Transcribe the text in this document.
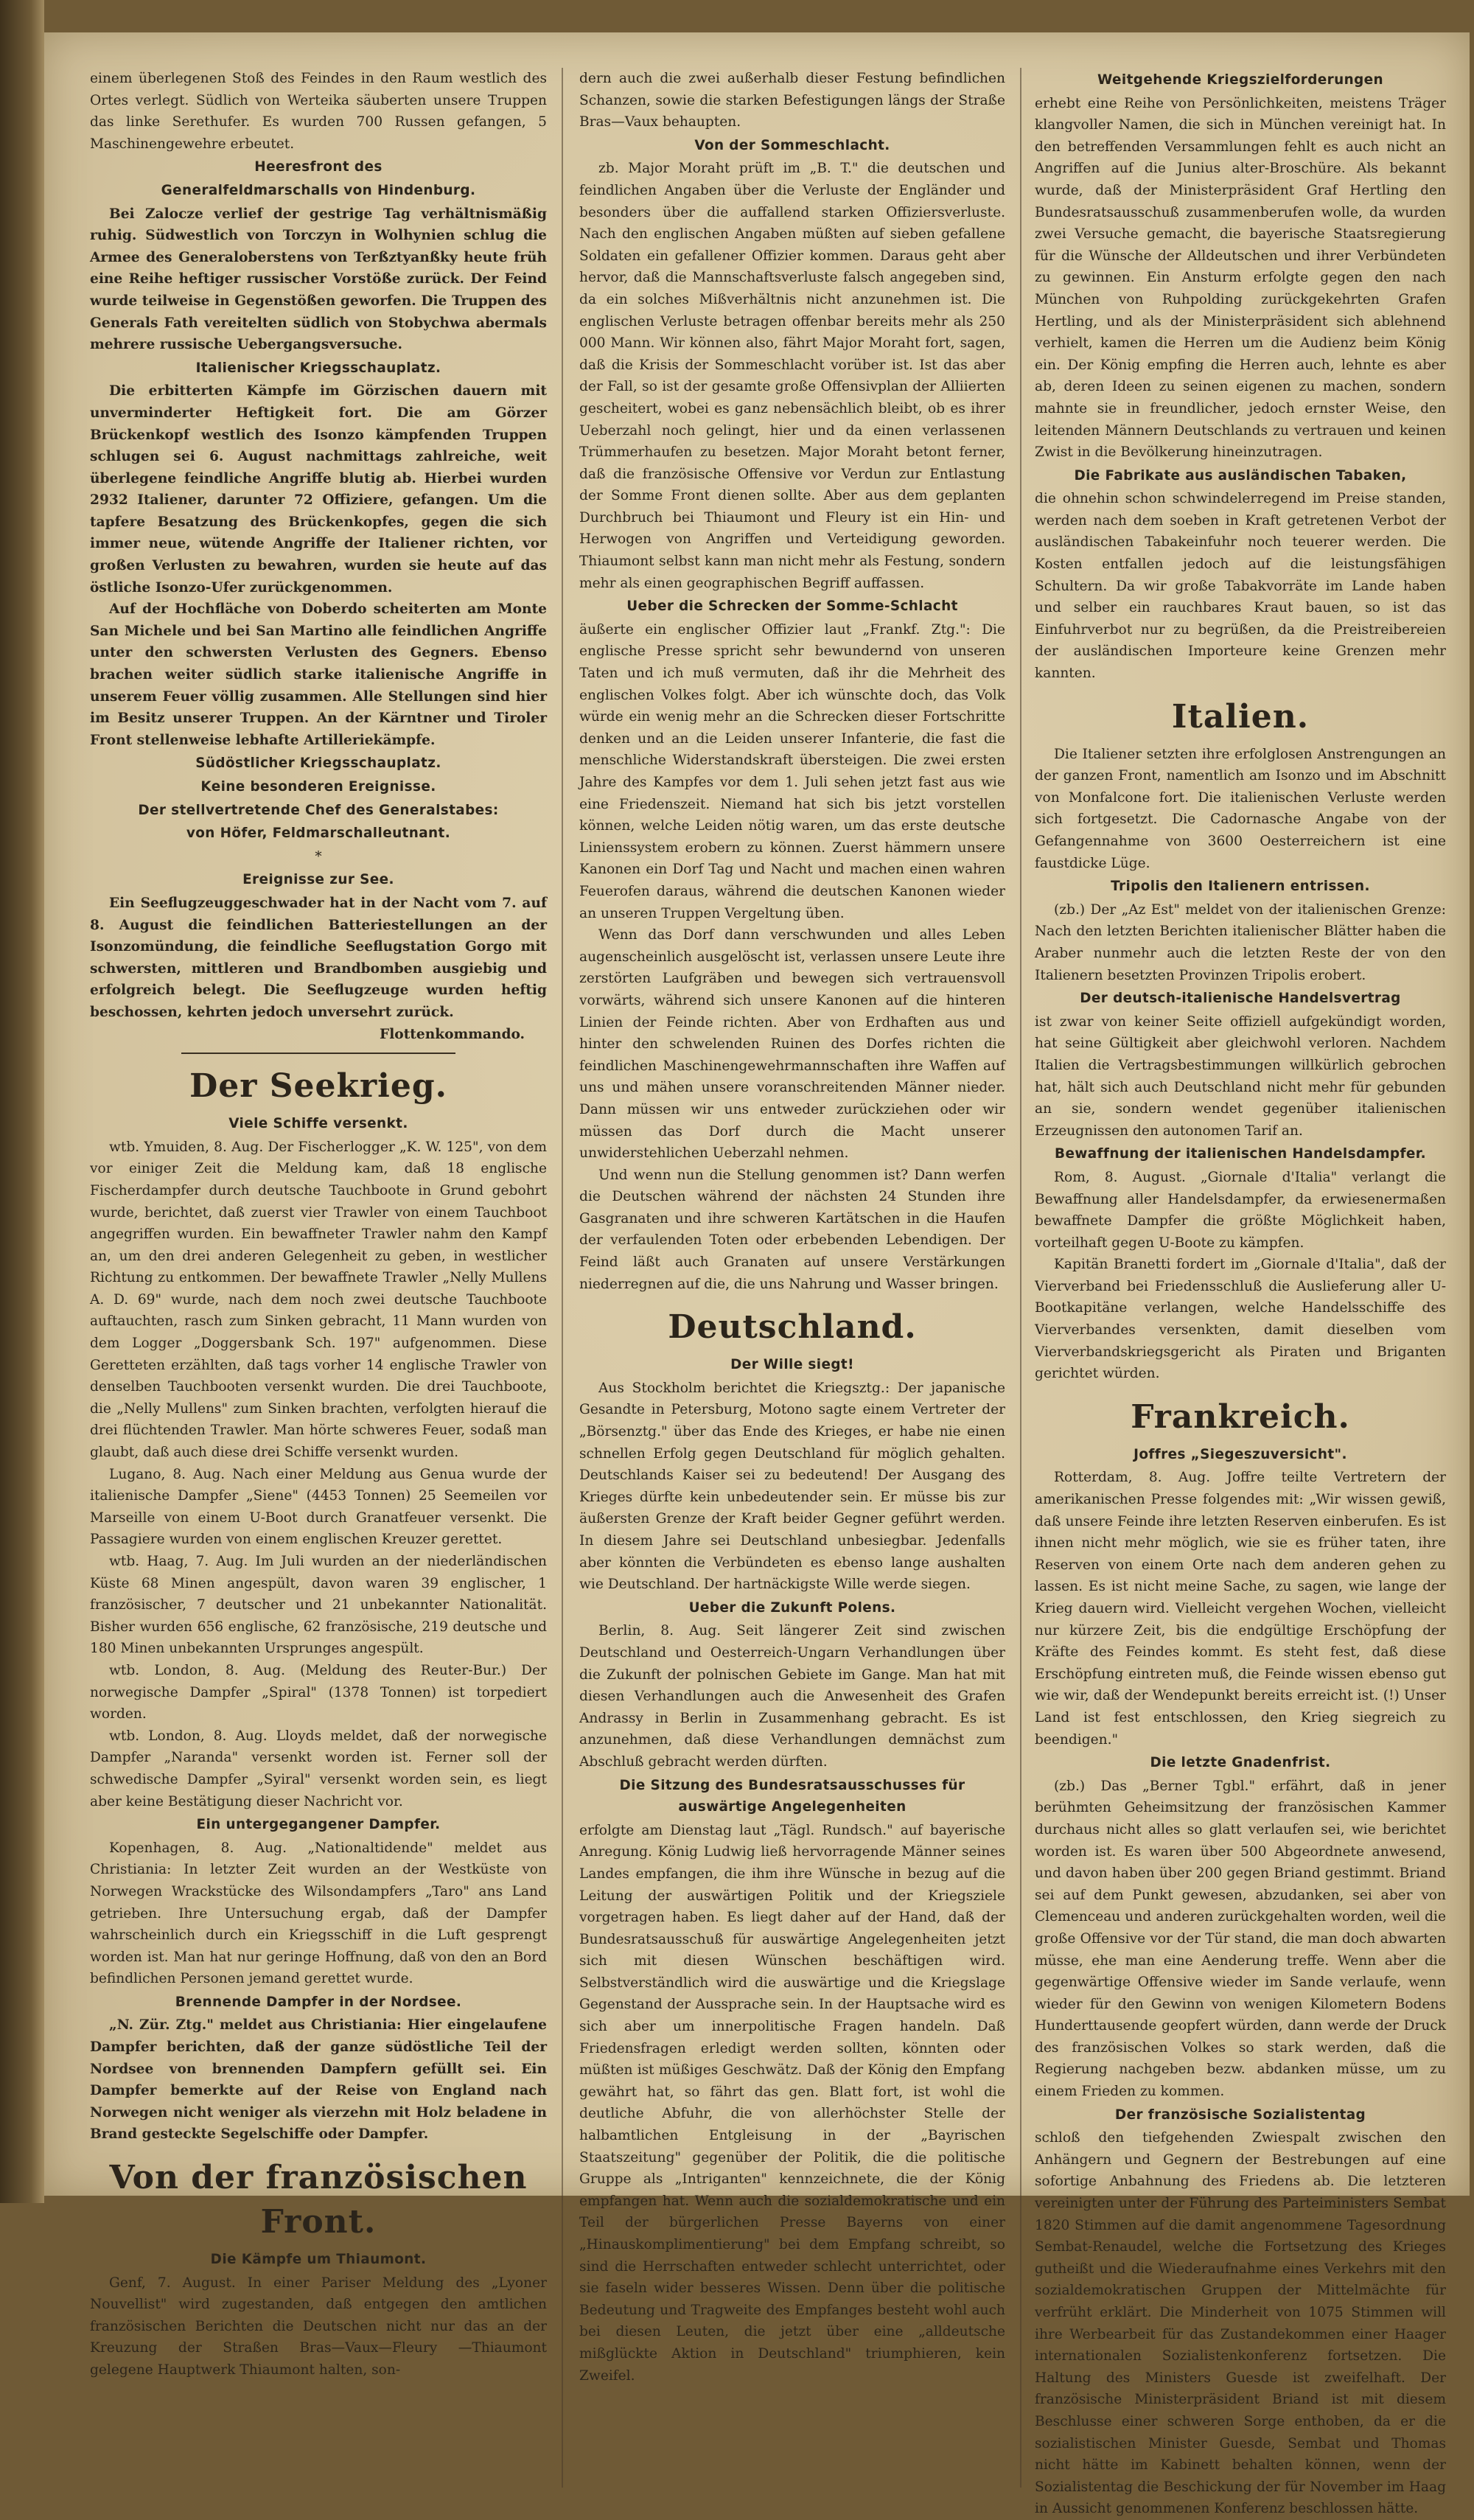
einem überlegenen Stoß des Feindes in den Raum westlich des Ortes verlegt. Südlich von Werteika säuberten unsere Truppen das linke Serethufer. Es wurden 700 Russen gefangen, 5 Maschinengewehre erbeutet.

Heeresfront des
Generalfeldmarschalls von Hindenburg.

Bei Zalocze verlief der gestrige Tag verhältnismäßig ruhig. Südwestlich von Torczyn in Wolhynien schlug die Armee des Generaloberstens von Terßztyanßky heute früh eine Reihe heftiger russischer Vorstöße zurück. Der Feind wurde teilweise in Gegenstößen geworfen. Die Truppen des Generals Fath vereitelten südlich von Stobychwa abermals mehrere russische Uebergangsversuche.

Italienischer Kriegsschauplatz.

Die erbitterten Kämpfe im Görzischen dauern mit unverminderter Heftigkeit fort. Die am Görzer Brückenkopf westlich des Isonzo kämpfenden Truppen schlugen sei 6. August nachmittags zahlreiche, weit überlegene feindliche Angriffe blutig ab. Hierbei wurden 2932 Italiener, darunter 72 Offiziere, gefangen. Um die tapfere Besatzung des Brückenkopfes, gegen die sich immer neue, wütende Angriffe der Italiener richten, vor großen Verlusten zu bewahren, wurden sie heute auf das östliche Isonzo-Ufer zurückgenommen.

Auf der Hochfläche von Doberdo scheiterten am Monte San Michele und bei San Martino alle feindlichen Angriffe unter den schwersten Verlusten des Gegners. Ebenso brachen weiter südlich starke italienische Angriffe in unserem Feuer völlig zusammen. Alle Stellungen sind hier im Besitz unserer Truppen. An der Kärntner und Tiroler Front stellenweise lebhafte Artilleriekämpfe.

Südöstlicher Kriegsschauplatz.
Keine besonderen Ereignisse.
Der stellvertretende Chef des Generalstabes:
von Höfer, Feldmarschalleutnant.
*
Ereignisse zur See.

Ein Seeflugzeuggeschwader hat in der Nacht vom 7. auf 8. August die feindlichen Batteriestellungen an der Isonzomündung, die feindliche Seeflugstation Gorgo mit schwersten, mittleren und Brandbomben ausgiebig und erfolgreich belegt. Die Seeflugzeuge wurden heftig beschossen, kehrten jedoch unversehrt zurück.

Flottenkommando.
Der Seekrieg.
Viele Schiffe versenkt.

wtb. Ymuiden, 8. Aug. Der Fischerlogger „K. W. 125", von dem vor einiger Zeit die Meldung kam, daß 18 englische Fischerdampfer durch deutsche Tauchboote in Grund gebohrt wurde, berichtet, daß zuerst vier Trawler von einem Tauchboot angegriffen wurden. Ein bewaffneter Trawler nahm den Kampf an, um den drei anderen Gelegenheit zu geben, in westlicher Richtung zu entkommen. Der bewaffnete Trawler „Nelly Mullens A. D. 69" wurde, nach dem noch zwei deutsche Tauchboote auftauchten, rasch zum Sinken gebracht, 11 Mann wurden von dem Logger „Doggersbank Sch. 197" aufgenommen. Diese Geretteten erzählten, daß tags vorher 14 englische Trawler von denselben Tauchbooten versenkt wurden. Die drei Tauchboote, die „Nelly Mullens" zum Sinken brachten, verfolgten hierauf die drei flüchtenden Trawler. Man hörte schweres Feuer, sodaß man glaubt, daß auch diese drei Schiffe versenkt wurden.

Lugano, 8. Aug. Nach einer Meldung aus Genua wurde der italienische Dampfer „Siene" (4453 Tonnen) 25 Seemeilen vor Marseille von einem U-Boot durch Granatfeuer versenkt. Die Passagiere wurden von einem englischen Kreuzer gerettet.

wtb. Haag, 7. Aug. Im Juli wurden an der niederländischen Küste 68 Minen angespült, davon waren 39 englischer, 1 französischer, 7 deutscher und 21 unbekannter Nationalität. Bisher wurden 656 englische, 62 französische, 219 deutsche und 180 Minen unbekannten Ursprunges angespült.

wtb. London, 8. Aug. (Meldung des Reuter-Bur.) Der norwegische Dampfer „Spiral" (1378 Tonnen) ist torpediert worden.

wtb. London, 8. Aug. Lloyds meldet, daß der norwegische Dampfer „Naranda" versenkt worden ist. Ferner soll der schwedische Dampfer „Syiral" versenkt worden sein, es liegt aber keine Bestätigung dieser Nachricht vor.

Ein untergegangener Dampfer.

Kopenhagen, 8. Aug. „Nationaltidende" meldet aus Christiania: In letzter Zeit wurden an der Westküste von Norwegen Wrackstücke des Wilsondampfers „Taro" ans Land getrieben. Ihre Untersuchung ergab, daß der Dampfer wahrscheinlich durch ein Kriegsschiff in die Luft gesprengt worden ist. Man hat nur geringe Hoffnung, daß von den an Bord befindlichen Personen jemand gerettet wurde.

Brennende Dampfer in der Nordsee.

„N. Zür. Ztg." meldet aus Christiania: Hier eingelaufene Dampfer berichten, daß der ganze südöstliche Teil der Nordsee von brennenden Dampfern gefüllt sei. Ein Dampfer bemerkte auf der Reise von England nach Norwegen nicht weniger als vierzehn mit Holz beladene in Brand gesteckte Segelschiffe oder Dampfer.

Von der französischen Front.
Die Kämpfe um Thiaumont.

Genf, 7. August. In einer Pariser Meldung des „Lyoner Nouvellist" wird zugestanden, daß entgegen den amtlichen französischen Berichten die Deutschen nicht nur das an der Kreuzung der Straßen Bras—Vaux—Fleury —Thiaumont gelegene Hauptwerk Thiaumont halten, son-

dern auch die zwei außerhalb dieser Festung befindlichen Schanzen, sowie die starken Befestigungen längs der Straße Bras—Vaux behaupten.

Von der Sommeschlacht.

zb. Major Moraht prüft im „B. T." die deutschen und feindlichen Angaben über die Verluste der Engländer und besonders über die auffallend starken Offiziersverluste. Nach den englischen Angaben müßten auf sieben gefallene Soldaten ein gefallener Offizier kommen. Daraus geht aber hervor, daß die Mannschaftsverluste falsch angegeben sind, da ein solches Mißverhältnis nicht anzunehmen ist. Die englischen Verluste betragen offenbar bereits mehr als 250 000 Mann. Wir können also, fährt Major Moraht fort, sagen, daß die Krisis der Sommeschlacht vorüber ist. Ist das aber der Fall, so ist der gesamte große Offensivplan der Alliierten gescheitert, wobei es ganz nebensächlich bleibt, ob es ihrer Ueberzahl noch gelingt, hier und da einen verlassenen Trümmerhaufen zu besetzen. Major Moraht betont ferner, daß die französische Offensive vor Verdun zur Entlastung der Somme Front dienen sollte. Aber aus dem geplanten Durchbruch bei Thiaumont und Fleury ist ein Hin- und Herwogen von Angriffen und Verteidigung geworden. Thiaumont selbst kann man nicht mehr als Festung, sondern mehr als einen geographischen Begriff auffassen.

Ueber die Schrecken der Somme-Schlacht

äußerte ein englischer Offizier laut „Frankf. Ztg.": Die englische Presse spricht sehr bewundernd von unseren Taten und ich muß vermuten, daß ihr die Mehrheit des englischen Volkes folgt. Aber ich wünschte doch, das Volk würde ein wenig mehr an die Schrecken dieser Fortschritte denken und an die Leiden unserer Infanterie, die fast die menschliche Widerstandskraft übersteigen. Die zwei ersten Jahre des Kampfes vor dem 1. Juli sehen jetzt fast aus wie eine Friedenszeit. Niemand hat sich bis jetzt vorstellen können, welche Leiden nötig waren, um das erste deutsche Linienssystem erobern zu können. Zuerst hämmern unsere Kanonen ein Dorf Tag und Nacht und machen einen wahren Feuerofen daraus, während die deutschen Kanonen wieder an unseren Truppen Vergeltung üben.

Wenn das Dorf dann verschwunden und alles Leben augenscheinlich ausgelöscht ist, verlassen unsere Leute ihre zerstörten Laufgräben und bewegen sich vertrauensvoll vorwärts, während sich unsere Kanonen auf die hinteren Linien der Feinde richten. Aber von Erdhaften aus und hinter den schwelenden Ruinen des Dorfes richten die feindlichen Maschinengewehrmannschaften ihre Waffen auf uns und mähen unsere voranschreitenden Männer nieder. Dann müssen wir uns entweder zurückziehen oder wir müssen das Dorf durch die Macht unserer unwiderstehlichen Ueberzahl nehmen.

Und wenn nun die Stellung genommen ist? Dann werfen die Deutschen während der nächsten 24 Stunden ihre Gasgranaten und ihre schweren Kartätschen in die Haufen der verfaulenden Toten oder erbebenden Lebendigen. Der Feind läßt auch Granaten auf unsere Verstärkungen niederregnen auf die, die uns Nahrung und Wasser bringen.

Deutschland.
Der Wille siegt!

Aus Stockholm berichtet die Kriegsztg.: Der japanische Gesandte in Petersburg, Motono sagte einem Vertreter der „Börsenztg." über das Ende des Krieges, er habe nie einen schnellen Erfolg gegen Deutschland für möglich gehalten. Deutschlands Kaiser sei zu bedeutend! Der Ausgang des Krieges dürfte kein unbedeutender sein. Er müsse bis zur äußersten Grenze der Kraft beider Gegner geführt werden. In diesem Jahre sei Deutschland unbesiegbar. Jedenfalls aber könnten die Verbündeten es ebenso lange aushalten wie Deutschland. Der hartnäckigste Wille werde siegen.

Ueber die Zukunft Polens.

Berlin, 8. Aug. Seit längerer Zeit sind zwischen Deutschland und Oesterreich-Ungarn Verhandlungen über die Zukunft der polnischen Gebiete im Gange. Man hat mit diesen Verhandlungen auch die Anwesenheit des Grafen Andrassy in Berlin in Zusammenhang gebracht. Es ist anzunehmen, daß diese Verhandlungen demnächst zum Abschluß gebracht werden dürften.

Die Sitzung des Bundesratsausschusses für auswärtige Angelegenheiten

erfolgte am Dienstag laut „Tägl. Rundsch." auf bayerische Anregung. König Ludwig ließ hervorragende Männer seines Landes empfangen, die ihm ihre Wünsche in bezug auf die Leitung der auswärtigen Politik und der Kriegsziele vorgetragen haben. Es liegt daher auf der Hand, daß der Bundesratsausschuß für auswärtige Angelegenheiten jetzt sich mit diesen Wünschen beschäftigen wird. Selbstverständlich wird die auswärtige und die Kriegslage Gegenstand der Aussprache sein. In der Hauptsache wird es sich aber um innerpolitische Fragen handeln. Daß Friedensfragen erledigt werden sollten, könnten oder müßten ist müßiges Geschwätz. Daß der König den Empfang gewährt hat, so fährt das gen. Blatt fort, ist wohl die deutliche Abfuhr, die von allerhöchster Stelle der halbamtlichen Entgleisung in der „Bayrischen Staatszeitung" gegenüber der Politik, die die politische Gruppe als „Intriganten" kennzeichnete, die der König empfangen hat. Wenn auch die sozialdemokratische und ein Teil der bürgerlichen Presse Bayerns von einer „Hinauskomplimentierung" bei dem Empfang schreibt, so sind die Herrschaften entweder schlecht unterrichtet, oder sie faseln wider besseres Wissen. Denn über die politische Bedeutung und Tragweite des Empfanges besteht wohl auch bei diesen Leuten, die jetzt über eine „alldeutsche mißglückte Aktion in Deutschland" triumphieren, kein Zweifel.

Weitgehende Kriegszielforderungen

erhebt eine Reihe von Persönlichkeiten, meistens Träger klangvoller Namen, die sich in München vereinigt hat. In den betreffenden Versammlungen fehlt es auch nicht an Angriffen auf die Junius alter-Broschüre. Als bekannt wurde, daß der Ministerpräsident Graf Hertling den Bundesratsausschuß zusammenberufen wolle, da wurden zwei Versuche gemacht, die bayerische Staatsregierung für die Wünsche der Alldeutschen und ihrer Verbündeten zu gewinnen. Ein Ansturm erfolgte gegen den nach München von Ruhpolding zurückgekehrten Grafen Hertling, und als der Ministerpräsident sich ablehnend verhielt, kamen die Herren um die Audienz beim König ein. Der König empfing die Herren auch, lehnte es aber ab, deren Ideen zu seinen eigenen zu machen, sondern mahnte sie in freundlicher, jedoch ernster Weise, den leitenden Männern Deutschlands zu vertrauen und keinen Zwist in die Bevölkerung hineinzutragen.

Die Fabrikate aus ausländischen Tabaken,

die ohnehin schon schwindelerregend im Preise standen, werden nach dem soeben in Kraft getretenen Verbot der ausländischen Tabakeinfuhr noch teuerer werden. Die Kosten entfallen jedoch auf die leistungsfähigen Schultern. Da wir große Tabakvorräte im Lande haben und selber ein rauchbares Kraut bauen, so ist das Einfuhrverbot nur zu begrüßen, da die Preistreibereien der ausländischen Importeure keine Grenzen mehr kannten.

Italien.

Die Italiener setzten ihre erfolglosen Anstrengungen an der ganzen Front, namentlich am Isonzo und im Abschnitt von Monfalcone fort. Die italienischen Verluste werden sich fortgesetzt. Die Cadornasche Angabe von der Gefangennahme von 3600 Oesterreichern ist eine faustdicke Lüge.

Tripolis den Italienern entrissen.

(zb.) Der „Az Est" meldet von der italienischen Grenze: Nach den letzten Berichten italienischer Blätter haben die Araber nunmehr auch die letzten Reste der von den Italienern besetzten Provinzen Tripolis erobert.

Der deutsch-italienische Handelsvertrag

ist zwar von keiner Seite offiziell aufgekündigt worden, hat seine Gültigkeit aber gleichwohl verloren. Nachdem Italien die Vertragsbestimmungen willkürlich gebrochen hat, hält sich auch Deutschland nicht mehr für gebunden an sie, sondern wendet gegenüber italienischen Erzeugnissen den autonomen Tarif an.

Bewaffnung der italienischen Handelsdampfer.

Rom, 8. August. „Giornale d'Italia" verlangt die Bewaffnung aller Handelsdampfer, da erwiesenermaßen bewaffnete Dampfer die größte Möglichkeit haben, vorteilhaft gegen U-Boote zu kämpfen.

Kapitän Branetti fordert im „Giornale d'Italia", daß der Vierverband bei Friedensschluß die Auslieferung aller U-Bootkapitäne verlangen, welche Handelsschiffe des Vierverbandes versenkten, damit dieselben vom Vierverbandskriegsgericht als Piraten und Briganten gerichtet würden.

Frankreich.
Joffres „Siegeszuversicht".

Rotterdam, 8. Aug. Joffre teilte Vertretern der amerikanischen Presse folgendes mit: „Wir wissen gewiß, daß unsere Feinde ihre letzten Reserven einberufen. Es ist ihnen nicht mehr möglich, wie sie es früher taten, ihre Reserven von einem Orte nach dem anderen gehen zu lassen. Es ist nicht meine Sache, zu sagen, wie lange der Krieg dauern wird. Vielleicht vergehen Wochen, vielleicht nur kürzere Zeit, bis die endgültige Erschöpfung der Kräfte des Feindes kommt. Es steht fest, daß diese Erschöpfung eintreten muß, die Feinde wissen ebenso gut wie wir, daß der Wendepunkt bereits erreicht ist. (!) Unser Land ist fest entschlossen, den Krieg siegreich zu beendigen."

Die letzte Gnadenfrist.

(zb.) Das „Berner Tgbl." erfährt, daß in jener berühmten Geheimsitzung der französischen Kammer durchaus nicht alles so glatt verlaufen sei, wie berichtet worden ist. Es waren über 500 Abgeordnete anwesend, und davon haben über 200 gegen Briand gestimmt. Briand sei auf dem Punkt gewesen, abzudanken, sei aber von Clemenceau und anderen zurückgehalten worden, weil die große Offensive vor der Tür stand, die man doch abwarten müsse, ehe man eine Aenderung treffe. Wenn aber die gegenwärtige Offensive wieder im Sande verlaufe, wenn wieder für den Gewinn von wenigen Kilometern Bodens Hunderttausende geopfert würden, dann werde der Druck des französischen Volkes so stark werden, daß die Regierung nachgeben bezw. abdanken müsse, um zu einem Frieden zu kommen.

Der französische Sozialistentag

schloß den tiefgehenden Zwiespalt zwischen den Anhängern und Gegnern der Bestrebungen auf eine sofortige Anbahnung des Friedens ab. Die letzteren vereinigten unter der Führung des Parteiministers Sembat 1820 Stimmen auf die damit angenommene Tagesordnung Sembat-Renaudel, welche die Fortsetzung des Krieges gutheißt und die Wiederaufnahme eines Verkehrs mit den sozialdemokratischen Gruppen der Mittelmächte für verfrüht erklärt. Die Minderheit von 1075 Stimmen will ihre Werbearbeit für das Zustandekommen einer Haager internationalen Sozialistenkonferenz fortsetzen. Die Haltung des Ministers Guesde ist zweifelhaft. Der französische Ministerpräsident Briand ist mit diesem Beschlusse einer schweren Sorge enthoben, da er die sozialistischen Minister Guesde, Sembat und Thomas nicht hätte im Kabinett behalten können, wenn der Sozialistentag die Beschickung der für November im Haag in Aussicht genommenen Konferenz beschlossen hätte.
